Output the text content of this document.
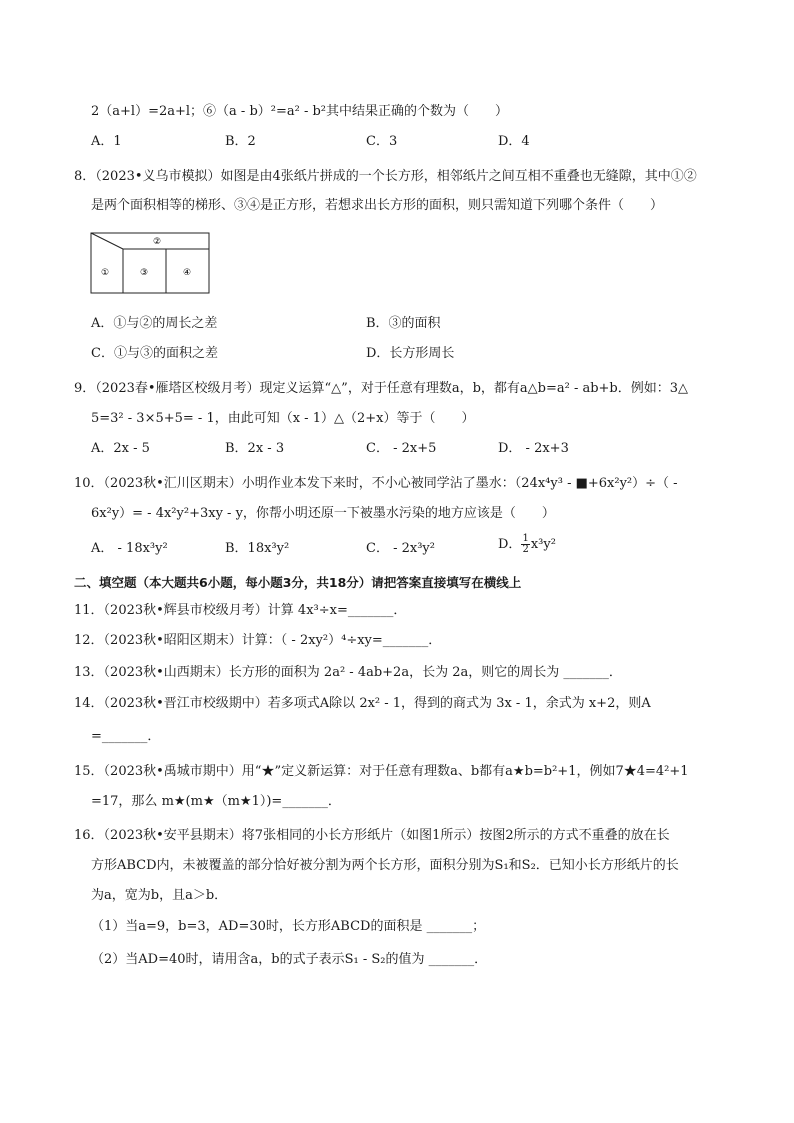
2（a+l）=2a+l；⑥（a - b）²=a² - b²其中结果正确的个数为（　　）
A．1	B．2	C．3	D．4
8．（2023•义乌市模拟）如图是由4张纸片拼成的一个长方形，相邻纸片之间互相不重叠也无缝隙，其中①②
是两个面积相等的梯形、③④是正方形，若想求出长方形的面积，则只需知道下列哪个条件（　　）
①
②
③	④
A．①与②的周长之差	B．③的面积
C．①与③的面积之差	D．长方形周长
9．（2023春•雁塔区校级月考）现定义运算“△”，对于任意有理数a，b，都有a△b=a² - ab+b．例如：3△
5=3² - 3×5+5= - 1，由此可知（x - 1）△（2+x）等于（　　）
A．2x - 5	B．2x - 3	C． - 2x+5	D． - 2x+3
10．（2023秋•汇川区期末）小明作业本发下来时，不小心被同学沾了墨水：（24x⁴y³ - ■+6x²y²）÷（ -
6x²y）= - 4x²y²+3xy - y，你帮小明还原一下被墨水污染的地方应该是（　　）
A． - 18x³y²	B．18x³y²	C． - 2x³y²	D． $\frac{1}{2} x^3y^2$
二、填空题（本大题共6小题，每小题3分，共18分）请把答案直接填写在横线上
11．（2023秋•辉县市校级月考）计算 4x³÷x=_______．
12．（2023秋•昭阳区期末）计算：（ - 2xy²）⁴÷xy=_______．
13．（2023秋•山西期末）长方形的面积为 2a² - 4ab+2a，长为 2a，则它的周长为 _______．
14．（2023秋•晋江市校级期中）若多项式A除以 2x² - 1，得到的商式为 3x - 1，余式为 x+2，则A
=_______．
15．（2023秋•禹城市期中）用“★”定义新运算：对于任意有理数a、b都有a★b=b²+1，例如7★4=4²+1
=17，那么 m★(m★（m★1）)=_______．
16．（2023秋•安平县期末）将7张相同的小长方形纸片（如图1所示）按图2所示的方式不重叠的放在长
方形ABCD内，未被覆盖的部分恰好被分割为两个长方形，面积分别为S₁和S₂．已知小长方形纸片的长
为a，宽为b，且a＞b．
（1）当a=9，b=3，AD=30时，长方形ABCD的面积是 _______；
（2）当AD=40时，请用含a，b的式子表示S₁ - S₂的值为 _______．
